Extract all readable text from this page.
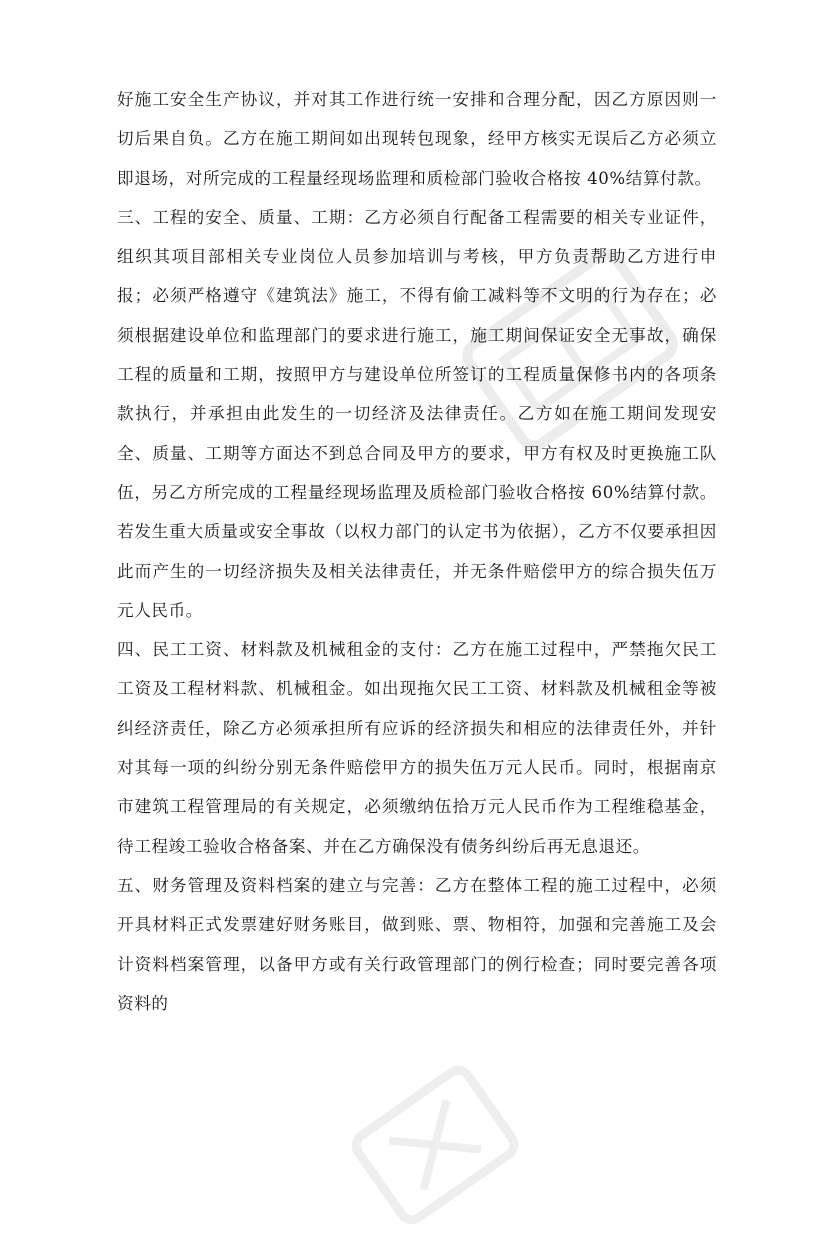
好施工安全生产协议，并对其工作进行统一安排和合理分配，因乙方原因则一切后果自负。乙方在施工期间如出现转包现象，经甲方核实无误后乙方必须立即退场，对所完成的工程量经现场监理和质检部门验收合格按 40%结算付款。

三、工程的安全、质量、工期：乙方必须自行配备工程需要的相关专业证件，组织其项目部相关专业岗位人员参加培训与考核，甲方负责帮助乙方进行申报；必须严格遵守《建筑法》施工，不得有偷工减料等不文明的行为存在；必须根据建设单位和监理部门的要求进行施工，施工期间保证安全无事故，确保工程的质量和工期，按照甲方与建设单位所签订的工程质量保修书内的各项条款执行，并承担由此发生的一切经济及法律责任。乙方如在施工期间发现安全、质量、工期等方面达不到总合同及甲方的要求，甲方有权及时更换施工队伍，另乙方所完成的工程量经现场监理及质检部门验收合格按 60%结算付款。若发生重大质量或安全事故（以权力部门的认定书为依据），乙方不仅要承担因此而产生的一切经济损失及相关法律责任，并无条件赔偿甲方的综合损失伍万元人民币。

四、民工工资、材料款及机械租金的支付：乙方在施工过程中，严禁拖欠民工工资及工程材料款、机械租金。如出现拖欠民工工资、材料款及机械租金等被纠经济责任，除乙方必须承担所有应诉的经济损失和相应的法律责任外，并针对其每一项的纠纷分别无条件赔偿甲方的损失伍万元人民币。同时，根据南京市建筑工程管理局的有关规定，必须缴纳伍拾万元人民币作为工程维稳基金，待工程竣工验收合格备案、并在乙方确保没有债务纠纷后再无息退还。

五、财务管理及资料档案的建立与完善：乙方在整体工程的施工过程中，必须开具材料正式发票建好财务账目，做到账、票、物相符，加强和完善施工及会计资料档案管理，以备甲方或有关行政管理部门的例行检查；同时要完善各项资料的
